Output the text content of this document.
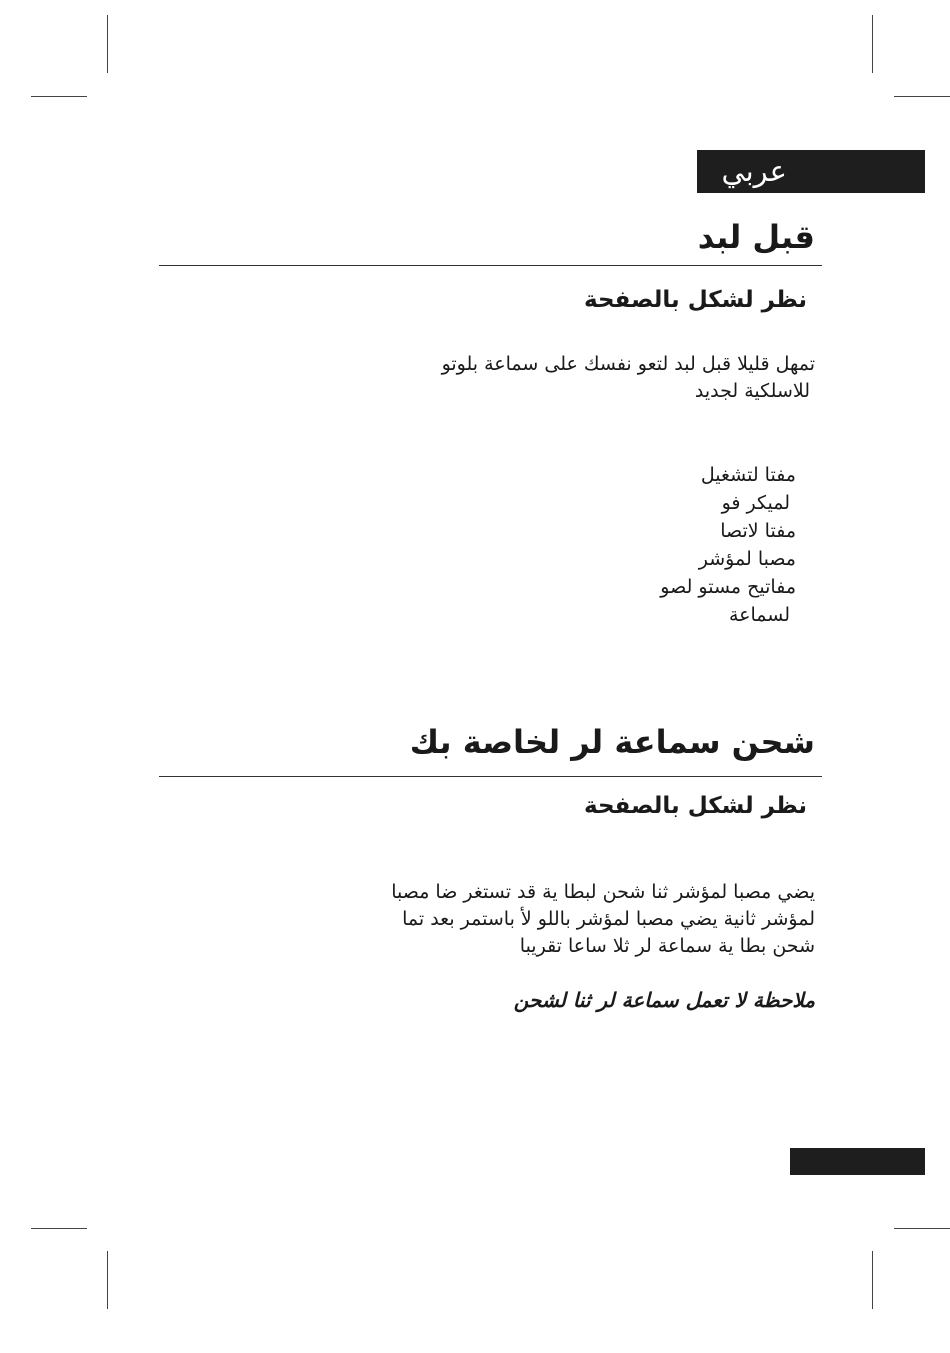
عربي
قبل لبد
نظر لشكل بالصفحة
تمهل قليلا قبل لبد لتعو نفسك على سماعة بلوتو
للاسلكية لجديد
مفتا لتشغيل
لميكر فو
مفتا لاتصا
مصبا لمؤشر
مفاتيح مستو لصو
لسماعة
شحن سماعة لر لخاصة بك
نظر لشكل بالصفحة
يضي مصبا لمؤشر ثنا شحن لبطا ية قد تستغر ضا مصبا
لمؤشر ثانية يضي مصبا لمؤشر باللو لأ باستمر بعد تما
شحن بطا ية سماعة لر ثلا ساعا تقريبا
ملاحظة لا تعمل سماعة لر ثنا لشحن
